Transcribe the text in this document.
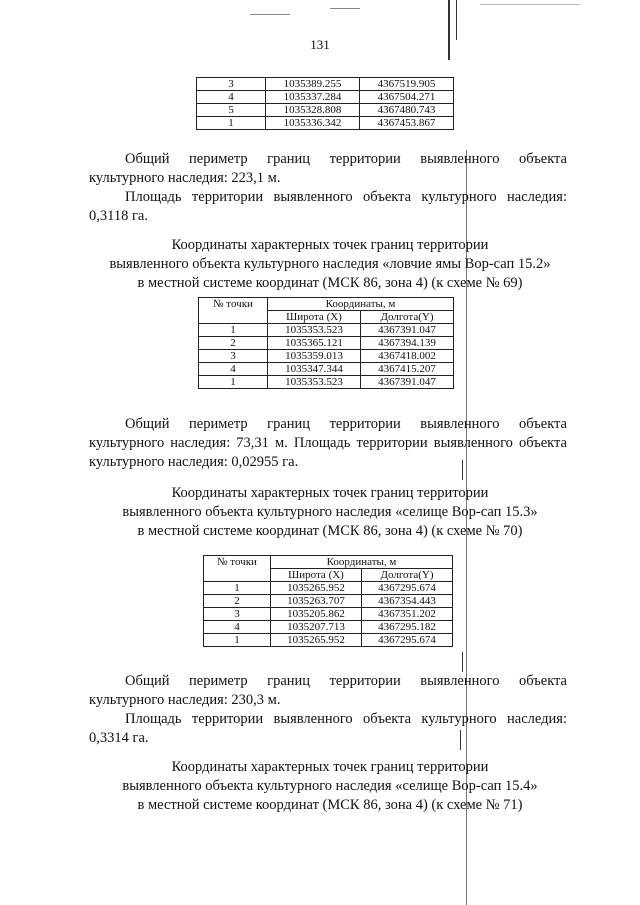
131
3	1035389.255	4367519.905
4	1035337.284	4367504.271
5	1035328.808	4367480.743
1	1035336.342	4367453.867
Общий периметр границ территории выявленного объекта
культурного наследия: 223,1 м.
Площадь территории выявленного объекта культурного наследия: 0,3118 га.
Координаты характерных точек границ территории
выявленного объекта культурного наследия «ловчие ямы Вор-сап 15.2»
в местной системе координат (МСК 86, зона 4) (к схеме № 69)
№ точки	Координаты, м	
	Широта (X)	Долгота(Y)
1	1035353.523	4367391.047
2	1035365.121	4367394.139
3	1035359.013	4367418.002
4	1035347.344	4367415.207
1	1035353.523	4367391.047
Общий периметр границ территории выявленного объекта
культурного наследия: 73,31 м. Площадь территории выявленного объекта культурного наследия: 0,02955 га.
Координаты характерных точек границ территории
выявленного объекта культурного наследия «селище Вор-сап 15.3»
в местной системе координат (МСК 86, зона 4) (к схеме № 70)
№ точки	Координаты, м	
	Широта (X)	Долгота(Y)
1	1035265.952	4367295.674
2	1035263.707	4367354.443
3	1035205.862	4367351.202
4	1035207.713	4367295.182
1	1035265.952	4367295.674
Общий периметр границ территории выявленного объекта
культурного наследия: 230,3 м.
Площадь территории выявленного объекта культурного наследия: 0,3314 га.
Координаты характерных точек границ территории
выявленного объекта культурного наследия «селище Вор-сап 15.4»
в местной системе координат (МСК 86, зона 4) (к схеме № 71)
